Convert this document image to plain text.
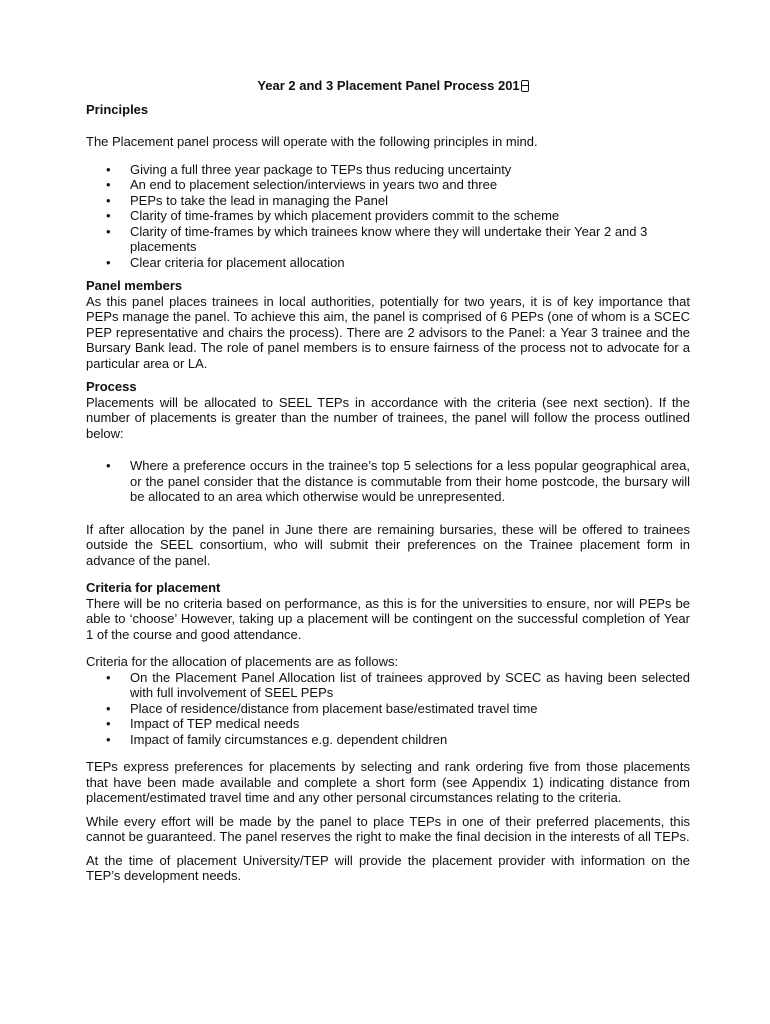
Year 2 and 3 Placement Panel Process 201
Principles

The Placement panel process will operate with the following principles in mind.

• Giving a full three year package to TEPs thus reducing uncertainty
• An end to placement selection/interviews in years two and three
• PEPs to take the lead in managing the Panel
• Clarity of time-frames by which placement providers commit to the scheme
• Clarity of time-frames by which trainees know where they will undertake their Year 2 and 3 placements
• Clear criteria for placement allocation
Panel members

As this panel places trainees in local authorities, potentially for two years, it is of key importance that PEPs manage the panel. To achieve this aim, the panel is comprised of 6 PEPs (one of whom is a SCEC PEP representative and chairs the process). There are 2 advisors to the Panel: a Year 3 trainee and the Bursary Bank lead. The role of panel members is to ensure fairness of the process not to advocate for a particular area or LA.

Process

Placements will be allocated to SEEL TEPs in accordance with the criteria (see next section). If the number of placements is greater than the number of trainees, the panel will follow the process outlined below:

• Where a preference occurs in the trainee’s top 5 selections for a less popular geographical area, or the panel consider that the distance is commutable from their home postcode, the bursary will be allocated to an area which otherwise would be unrepresented.

If after allocation by the panel in June there are remaining bursaries, these will be offered to trainees outside the SEEL consortium, who will submit their preferences on the Trainee placement form in advance of the panel.

Criteria for placement

There will be no criteria based on performance, as this is for the universities to ensure, nor will PEPs be able to ‘choose’ However, taking up a placement will be contingent on the successful completion of Year 1 of the course and good attendance.

Criteria for the allocation of placements are as follows:

• On the Placement Panel Allocation list of trainees approved by SCEC as having been selected with full involvement of SEEL PEPs
• Place of residence/distance from placement base/estimated travel time
• Impact of TEP medical needs
• Impact of family circumstances e.g. dependent children

TEPs express preferences for placements by selecting and rank ordering five from those placements that have been made available and complete a short form (see Appendix 1) indicating distance from placement/estimated travel time and any other personal circumstances relating to the criteria.

While every effort will be made by the panel to place TEPs in one of their preferred placements, this cannot be guaranteed. The panel reserves the right to make the final decision in the interests of all TEPs.

At the time of placement University/TEP will provide the placement provider with information on the TEP’s development needs.
